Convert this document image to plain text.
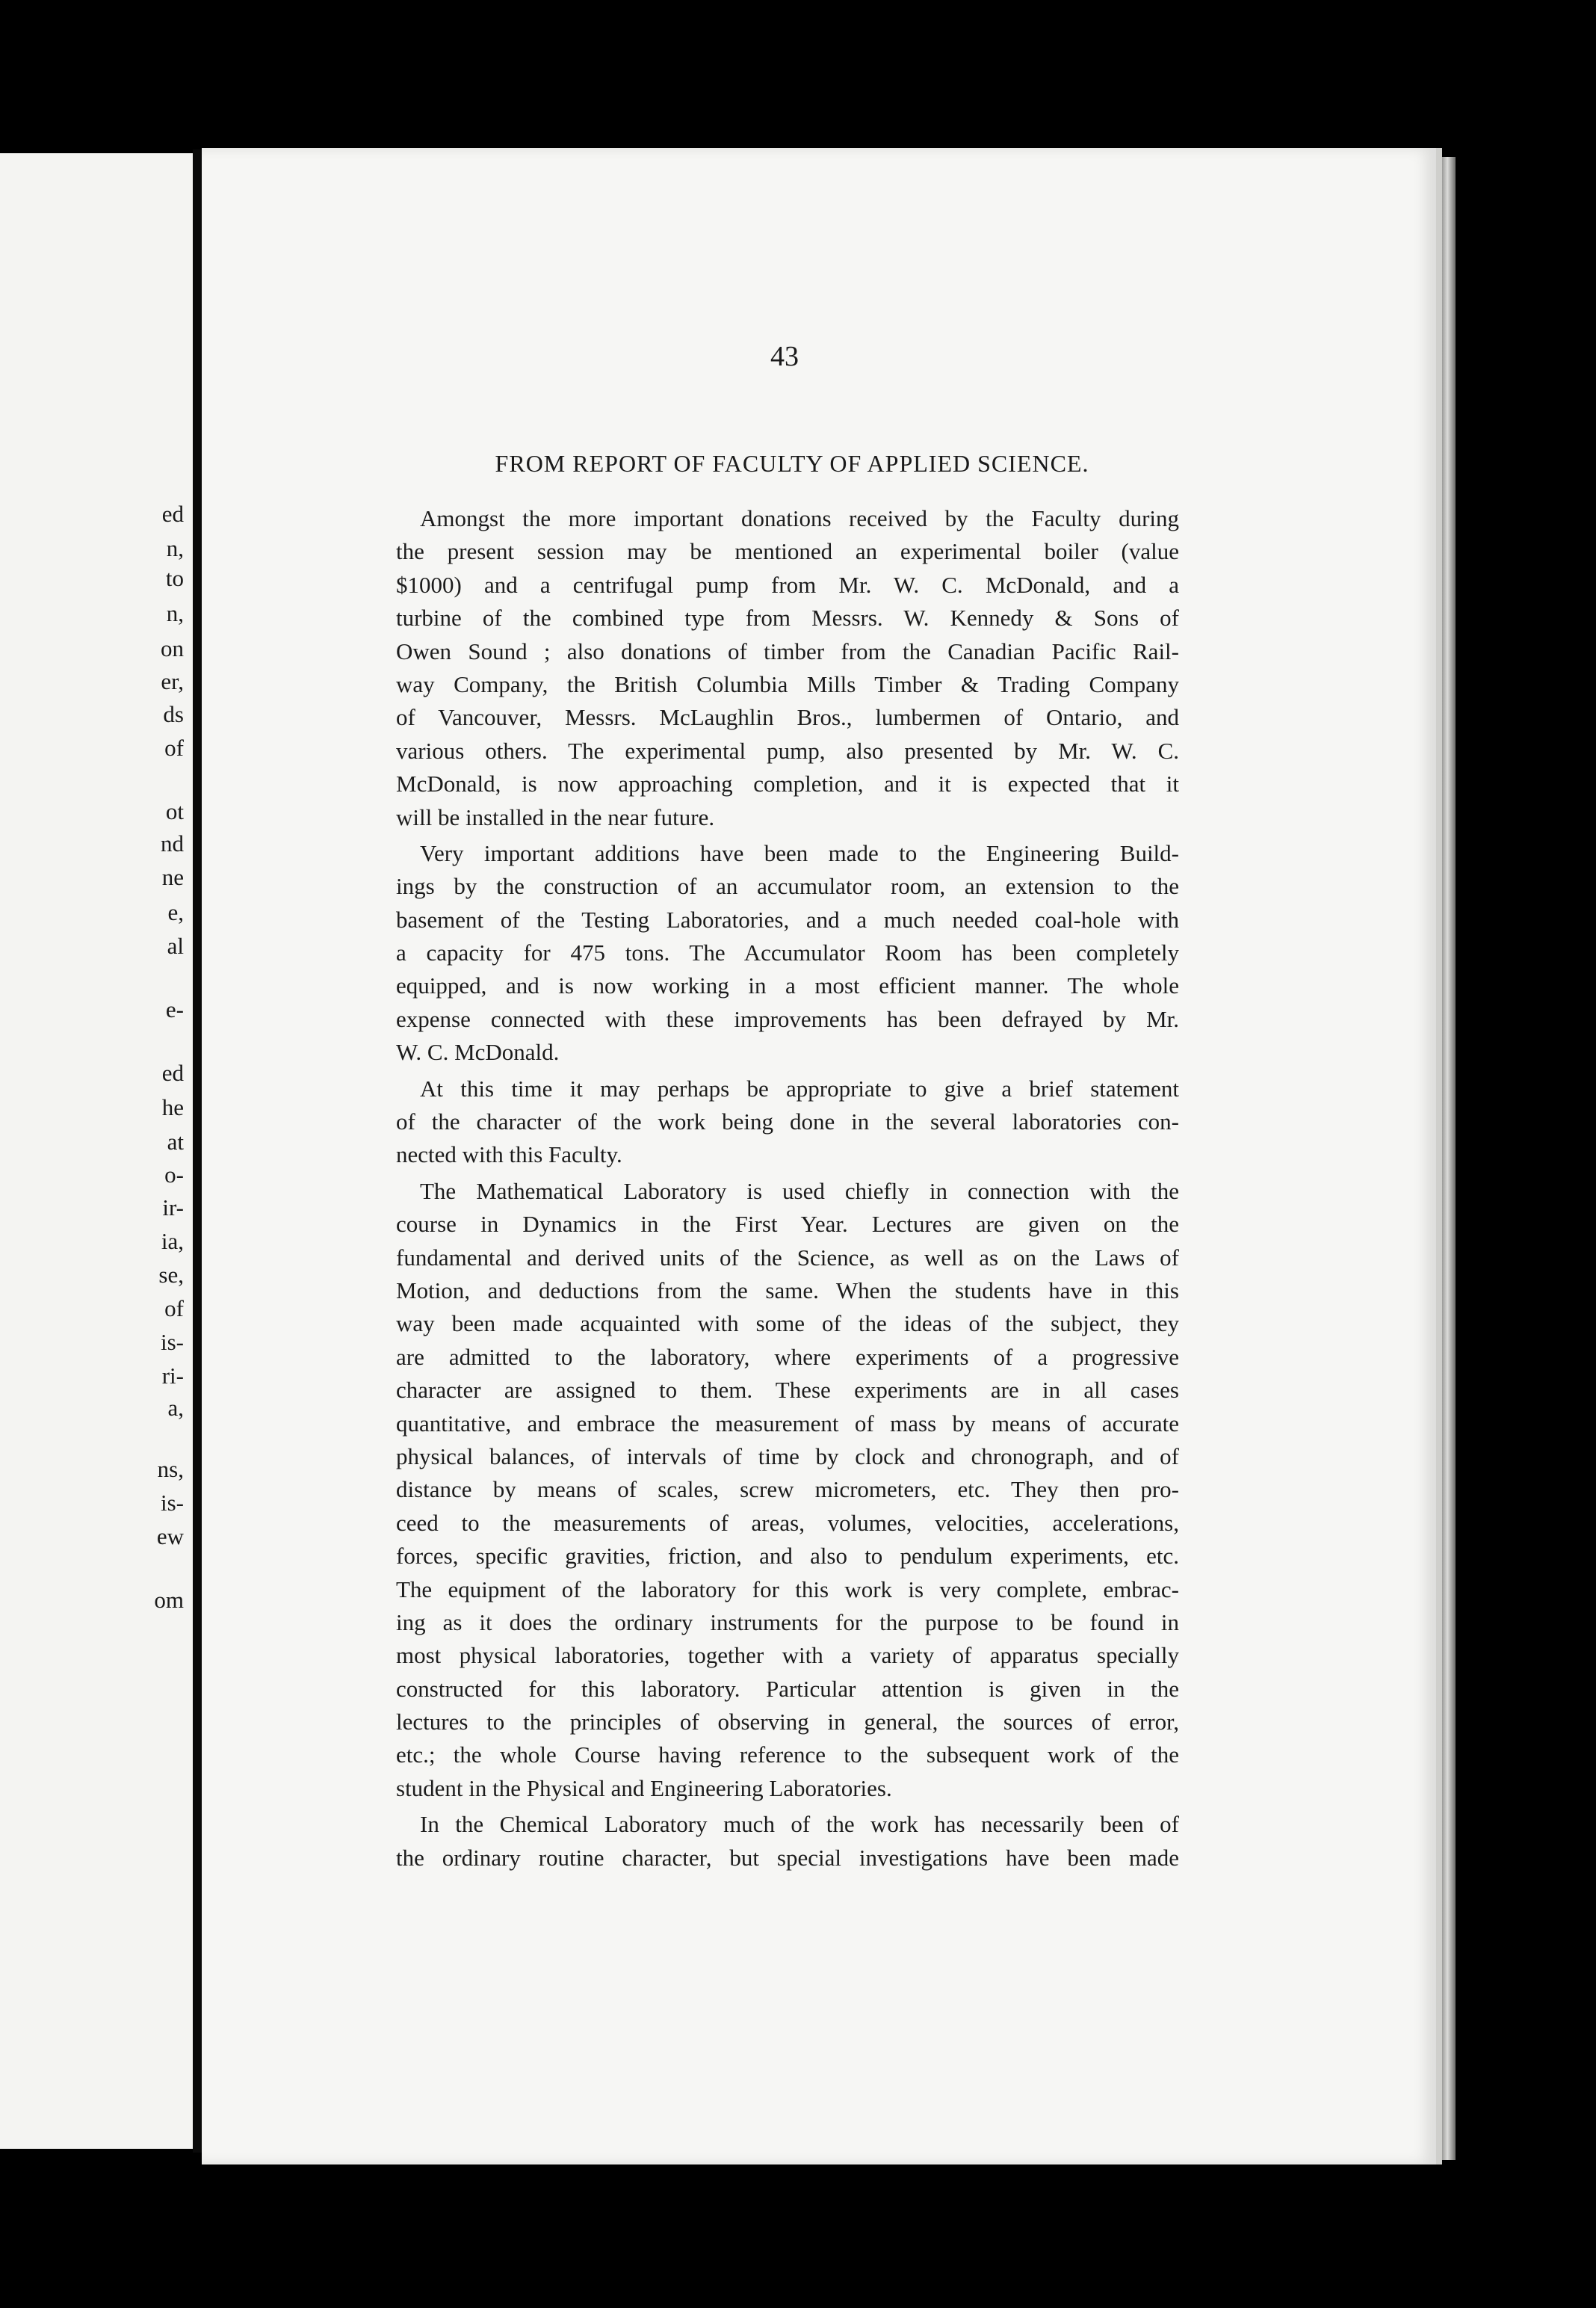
ed
n,
to
n,
on
er,
ds
of
ot
nd
ne
e,
al
e-
ed
he
at
o-
ir-
ia,
se,
of
is-
ri-
a,
ns,
is-
ew
om
43
FROM REPORT OF FACULTY OF APPLIED SCIENCE.
Amongst the more important donations received by the Faculty during
the present session may be mentioned an experimental boiler (value
$1000) and a centrifugal pump from Mr. W. C. McDonald, and a
turbine of the combined type from Messrs. W. Kennedy & Sons of
Owen Sound ; also donations of timber from the Canadian Pacific Rail-
way Company, the British Columbia Mills Timber & Trading Company
of Vancouver, Messrs. McLaughlin Bros., lumbermen of Ontario, and
various others. The experimental pump, also presented by Mr. W. C.
McDonald, is now approaching completion, and it is expected that it
will be installed in the near future.
Very important additions have been made to the Engineering Build-
ings by the construction of an accumulator room, an extension to the
basement of the Testing Laboratories, and a much needed coal-hole with
a capacity for 475 tons. The Accumulator Room has been completely
equipped, and is now working in a most efficient manner. The whole
expense connected with these improvements has been defrayed by Mr.
W. C. McDonald.
At this time it may perhaps be appropriate to give a brief statement
of the character of the work being done in the several laboratories con-
nected with this Faculty.
The Mathematical Laboratory is used chiefly in connection with the
course in Dynamics in the First Year. Lectures are given on the
fundamental and derived units of the Science, as well as on the Laws of
Motion, and deductions from the same. When the students have in this
way been made acquainted with some of the ideas of the subject, they
are admitted to the laboratory, where experiments of a progressive
character are assigned to them. These experiments are in all cases
quantitative, and embrace the measurement of mass by means of accurate
physical balances, of intervals of time by clock and chronograph, and of
distance by means of scales, screw micrometers, etc. They then pro-
ceed to the measurements of areas, volumes, velocities, accelerations,
forces, specific gravities, friction, and also to pendulum experiments, etc.
The equipment of the laboratory for this work is very complete, embrac-
ing as it does the ordinary instruments for the purpose to be found in
most physical laboratories, together with a variety of apparatus specially
constructed for this laboratory. Particular attention is given in the
lectures to the principles of observing in general, the sources of error,
etc.; the whole Course having reference to the subsequent work of the
student in the Physical and Engineering Laboratories.
In the Chemical Laboratory much of the work has necessarily been of
the ordinary routine character, but special investigations have been made
